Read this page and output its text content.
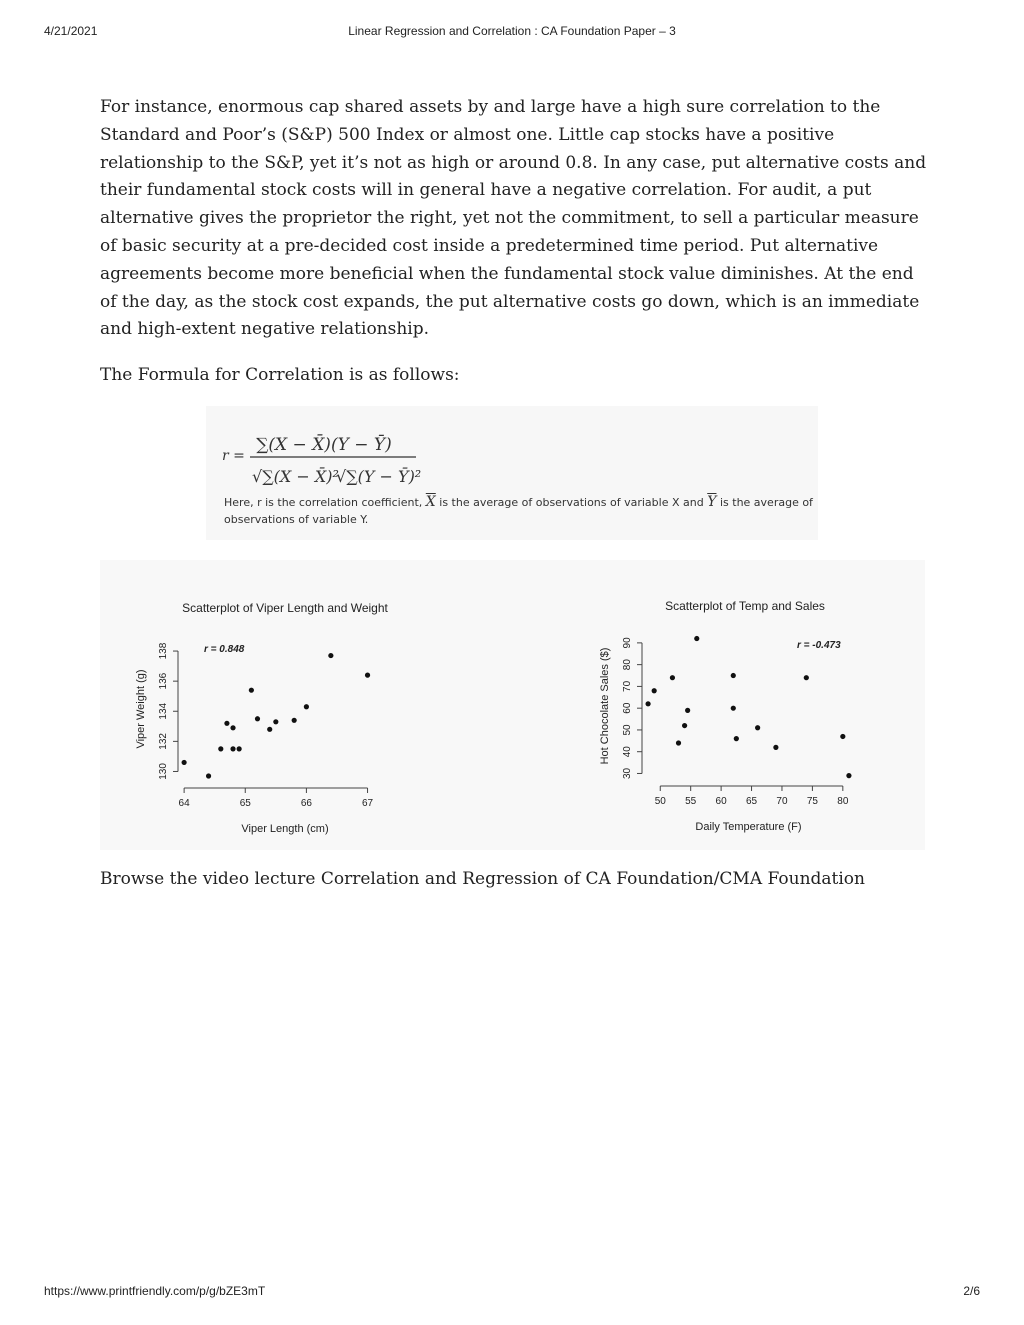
4/21/2021	Linear Regression and Correlation : CA Foundation Paper – 3

For instance, enormous cap shared assets by and large have a high sure correlation to the Standard and Poor’s (S&P) 500 Index or almost one. Little cap stocks have a positive relationship to the S&P, yet it’s not as high or around 0.8. In any case, put alternative costs and their fundamental stock costs will in general have a negative correlation. For audit, a put alternative gives the proprietor the right, yet not the commitment, to sell a particular measure of basic security at a pre-decided cost inside a predetermined time period. Put alternative agreements become more beneficial when the fundamental stock value diminishes. At the end of the day, as the stock cost expands, the put alternative costs go down, which is an immediate and high-extent negative relationship.

The Formula for Correlation is as follows:

r =
∑(X − X̄)(Y − Ȳ)
√∑(X − X̄)²
√∑(Y − Ȳ)²
Here, r is the correlation coefficient, $\overline{X}$ is the average of observations of variable X and $\overline{Y}$ is the average of observations of variable Y.
Scatterplot of Viper Length and Weight
130
132
134
136
138
64	65	66	67
Viper Length (cm)
Viper Weight (g)
r = 0.848
Scatterplot of Temp and Sales
30
40
50
60
70
80
90
50 55 60 65 70 75 80
Daily Temperature (F)
Hot Chocolate Sales ($)
r = -0.473

Browse the video lecture Correlation and Regression of CA Foundation/CMA Foundation

https://www.printfriendly.com/p/g/bZE3mT	2/6
